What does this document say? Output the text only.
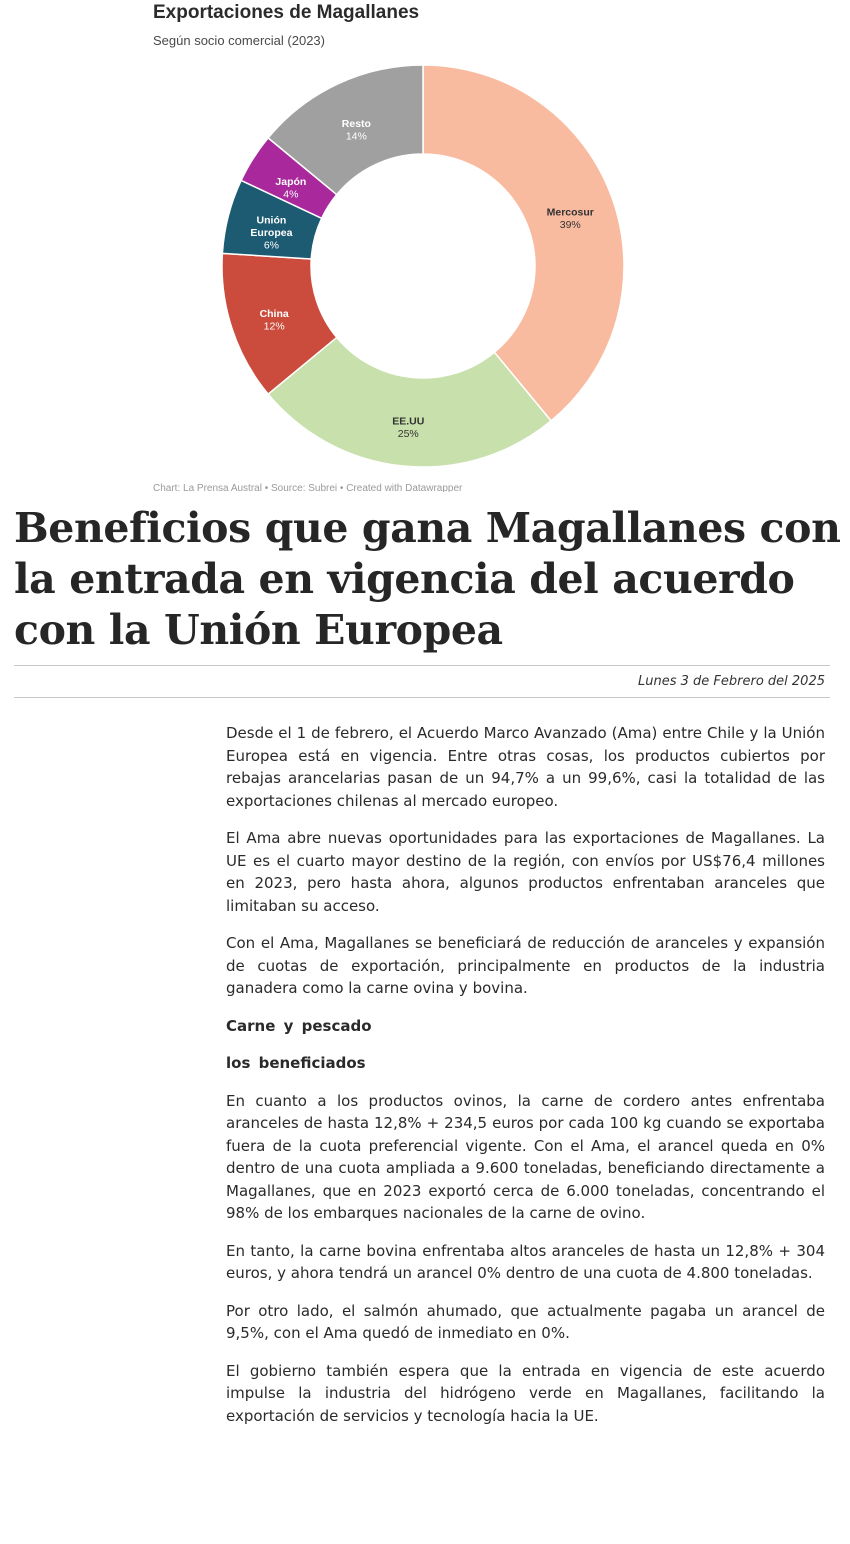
Exportaciones de Magallanes
Según socio comercial (2023)
Mercosur
39%
EE.UU
25%
China
12%
Unión
Europea
6%
Japón
4%
Resto
14%
Chart: La Prensa Austral • Source: Subrei • Created with Datawrapper
Beneficios que gana Magallanes con la entrada en vigencia del acuerdo con la Unión Europea
Lunes 3 de Febrero del 2025

Desde el 1 de febrero, el Acuerdo Marco Avanzado (Ama) entre Chile y la Unión Europea está en vigencia. Entre otras cosas, los productos cubiertos por rebajas arancelarias pasan de un 94,7% a un 99,6%, casi la totalidad de las exportaciones chilenas al mercado europeo.

El Ama abre nuevas oportunidades para las exportaciones de Magallanes. La UE es el cuarto mayor destino de la región, con envíos por US$76,4 millones en 2023, pero hasta ahora, algunos productos enfrentaban aranceles que limitaban su acceso.

Con el Ama, Magallanes se beneficiará de reducción de aranceles y expansión de cuotas de exportación, principalmente en productos de la industria ganadera como la carne ovina y bovina.

Carne y pescado
los beneficiados

En cuanto a los productos ovinos, la carne de cordero antes enfrentaba aranceles de hasta 12,8% + 234,5 euros por cada 100 kg cuando se exportaba fuera de la cuota preferencial vigente. Con el Ama, el arancel queda en 0% dentro de una cuota ampliada a 9.600 toneladas, beneficiando directamente a Magallanes, que en 2023 exportó cerca de 6.000 toneladas, concentrando el 98% de los embarques nacionales de la carne de ovino.

En tanto, la carne bovina enfrentaba altos aranceles de hasta un 12,8% + 304 euros, y ahora tendrá un arancel 0% dentro de una cuota de 4.800 toneladas.

Por otro lado, el salmón ahumado, que actualmente pagaba un arancel de 9,5%, con el Ama quedó de inmediato en 0%.

El gobierno también espera que la entrada en vigencia de este acuerdo impulse la industria del hidrógeno verde en Magallanes, facilitando la exportación de servicios y tecnología hacia la UE.
